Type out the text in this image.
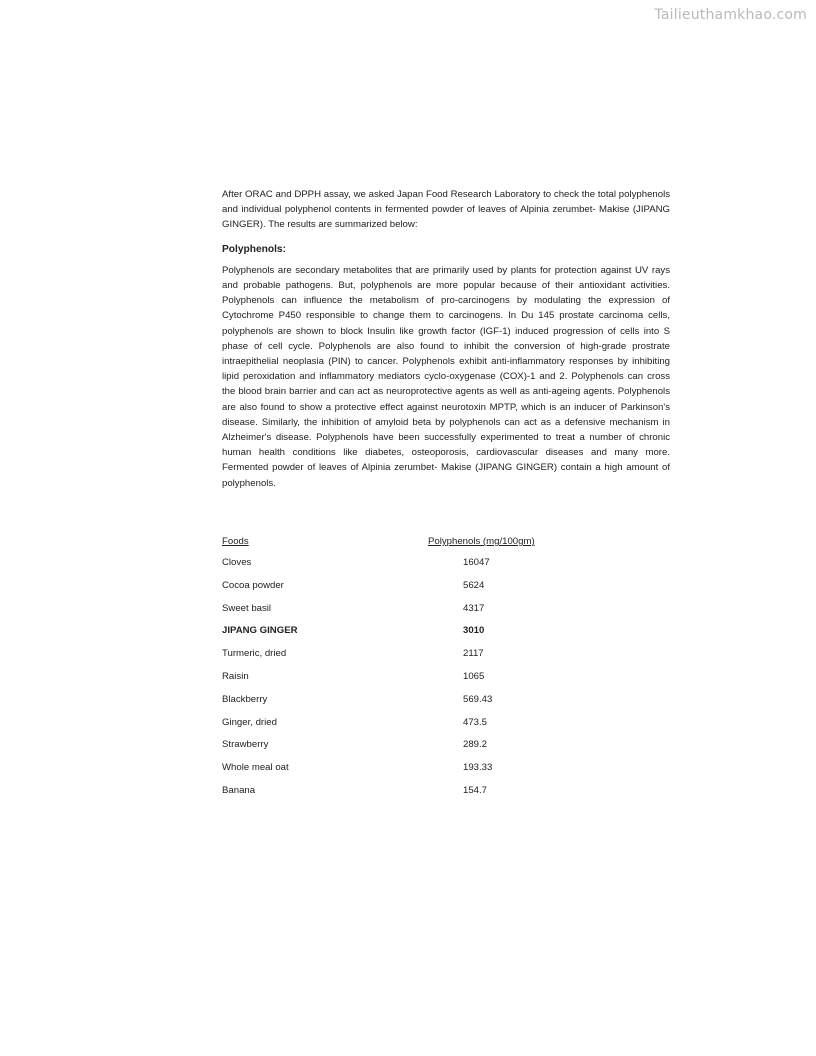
Tailieuthamkhao.com

After ORAC and DPPH assay, we asked Japan Food Research Laboratory to check the total polyphenols and individual polyphenol contents in fermented powder of leaves of Alpinia zerumbet- Makise (JIPANG GINGER). The results are summarized below:

Polyphenols:

Polyphenols are secondary metabolites that are primarily used by plants for protection against UV rays and probable pathogens. But, polyphenols are more popular because of their antioxidant activities. Polyphenols can influence the metabolism of pro-carcinogens by modulating the expression of Cytochrome P450 responsible to change them to carcinogens. In Du 145 prostate carcinoma cells, polyphenols are shown to block Insulin like growth factor (IGF-1) induced progression of cells into S phase of cell cycle. Polyphenols are also found to inhibit the conversion of high-grade prostrate intraepithelial neoplasia (PIN) to cancer. Polyphenols exhibit anti-inflammatory responses by inhibiting lipid peroxidation and inflammatory mediators cyclo-oxygenase (COX)-1 and 2. Polyphenols can cross the blood brain barrier and can act as neuroprotective agents as well as anti-ageing agents. Polyphenols are also found to show a protective effect against neurotoxin MPTP, which is an inducer of Parkinson's disease. Similarly, the inhibition of amyloid beta by polyphenols can act as a defensive mechanism in Alzheimer's disease. Polyphenols have been successfully experimented to treat a number of chronic human health conditions like diabetes, osteoporosis, cardiovascular diseases and many more. Fermented powder of leaves of Alpinia zerumbet- Makise (JIPANG GINGER) contain a high amount of polyphenols.

Foods	Polyphenols (mg/100gm)
Cloves	16047
Cocoa powder	5624
Sweet basil	4317
JIPANG GINGER	3010
Turmeric, dried	2117
Raisin	1065
Blackberry	569.43
Ginger, dried	473.5
Strawberry	289.2
Whole meal oat	193.33
Banana	154.7
